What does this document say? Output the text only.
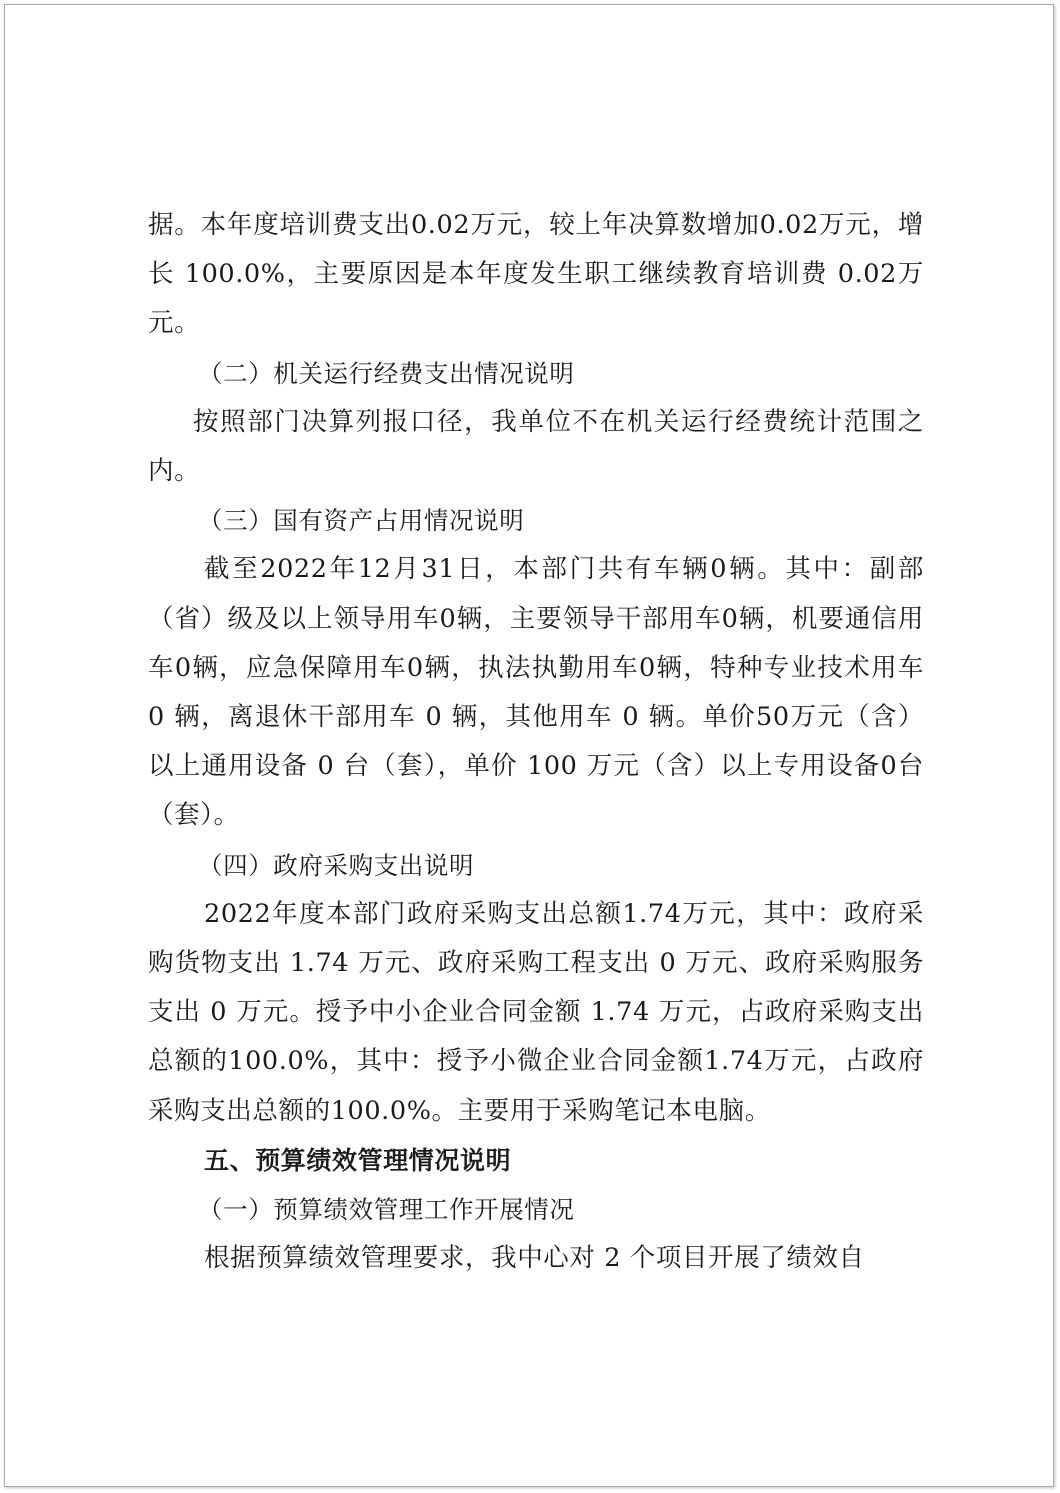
据。本年度培训费支出0.02万元，较上年决算数增加0.02万元，增长 100.0%，主要原因是本年度发生职工继续教育培训费 0.02万元。

（二）机关运行经费支出情况说明

按照部门决算列报口径，我单位不在机关运行经费统计范围之内。

（三）国有资产占用情况说明

截至2022年12月31日，本部门共有车辆0辆。其中：副部（省）级及以上领导用车0辆，主要领导干部用车0辆，机要通信用车0辆，应急保障用车0辆，执法执勤用车0辆，特种专业技术用车 0 辆，离退休干部用车 0 辆，其他用车 0 辆。单价50万元（含）以上通用设备 0 台（套），单价 100 万元（含）以上专用设备0台（套）。

（四）政府采购支出说明

2022年度本部门政府采购支出总额1.74万元，其中：政府采购货物支出 1.74 万元、政府采购工程支出 0 万元、政府采购服务支出 0 万元。授予中小企业合同金额 1.74 万元，占政府采购支出总额的100.0%，其中：授予小微企业合同金额1.74万元，占政府采购支出总额的100.0%。主要用于采购笔记本电脑。

五、预算绩效管理情况说明

（一）预算绩效管理工作开展情况

根据预算绩效管理要求，我中心对 2 个项目开展了绩效自
